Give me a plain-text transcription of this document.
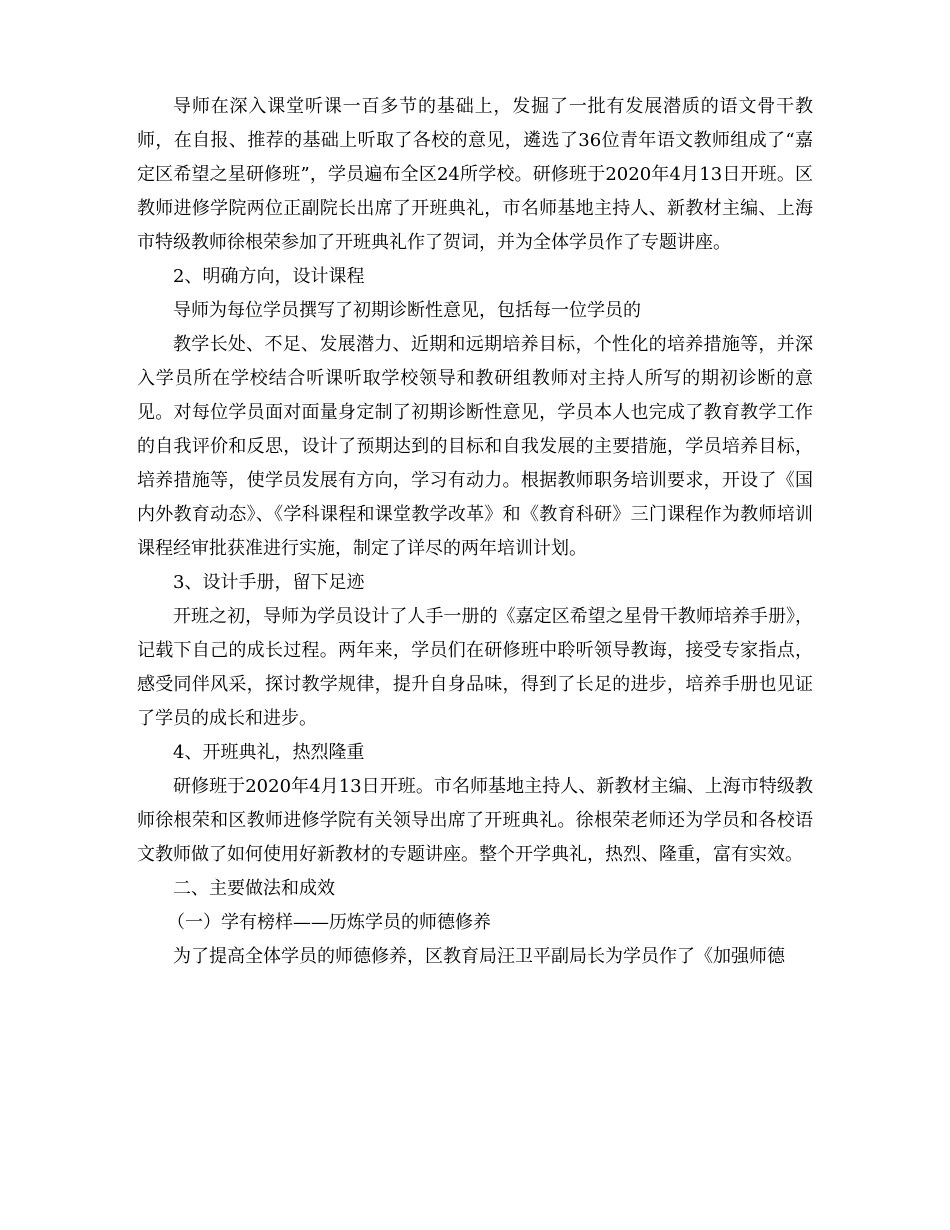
导师在深入课堂听课一百多节的基础上，发掘了一批有发展潜质的语文骨干教师，在自报、推荐的基础上听取了各校的意见，遴选了36位青年语文教师组成了“嘉定区希望之星研修班”，学员遍布全区24所学校。研修班于2020年4月13日开班。区教师进修学院两位正副院长出席了开班典礼，市名师基地主持人、新教材主编、上海市特级教师徐根荣参加了开班典礼作了贺词，并为全体学员作了专题讲座。

2、明确方向，设计课程

导师为每位学员撰写了初期诊断性意见，包括每一位学员的

教学长处、不足、发展潜力、近期和远期培养目标，个性化的培养措施等，并深入学员所在学校结合听课听取学校领导和教研组教师对主持人所写的期初诊断的意见。对每位学员面对面量身定制了初期诊断性意见，学员本人也完成了教育教学工作的自我评价和反思，设计了预期达到的目标和自我发展的主要措施，学员培养目标，培养措施等，使学员发展有方向，学习有动力。根据教师职务培训要求，开设了《国内外教育动态》、《学科课程和课堂教学改革》和《教育科研》三门课程作为教师培训课程经审批获准进行实施，制定了详尽的两年培训计划。

3、设计手册，留下足迹

开班之初，导师为学员设计了人手一册的《嘉定区希望之星骨干教师培养手册》，记载下自己的成长过程。两年来，学员们在研修班中聆听领导教诲，接受专家指点，感受同伴风采，探讨教学规律，提升自身品味，得到了长足的进步，培养手册也见证了学员的成长和进步。

4、开班典礼，热烈隆重

研修班于2020年4月13日开班。市名师基地主持人、新教材主编、上海市特级教师徐根荣和区教师进修学院有关领导出席了开班典礼。徐根荣老师还为学员和各校语文教师做了如何使用好新教材的专题讲座。整个开学典礼，热烈、隆重，富有实效。

二、主要做法和成效

（一）学有榜样——历炼学员的师德修养

为了提高全体学员的师德修养，区教育局汪卫平副局长为学员作了《加强师德
